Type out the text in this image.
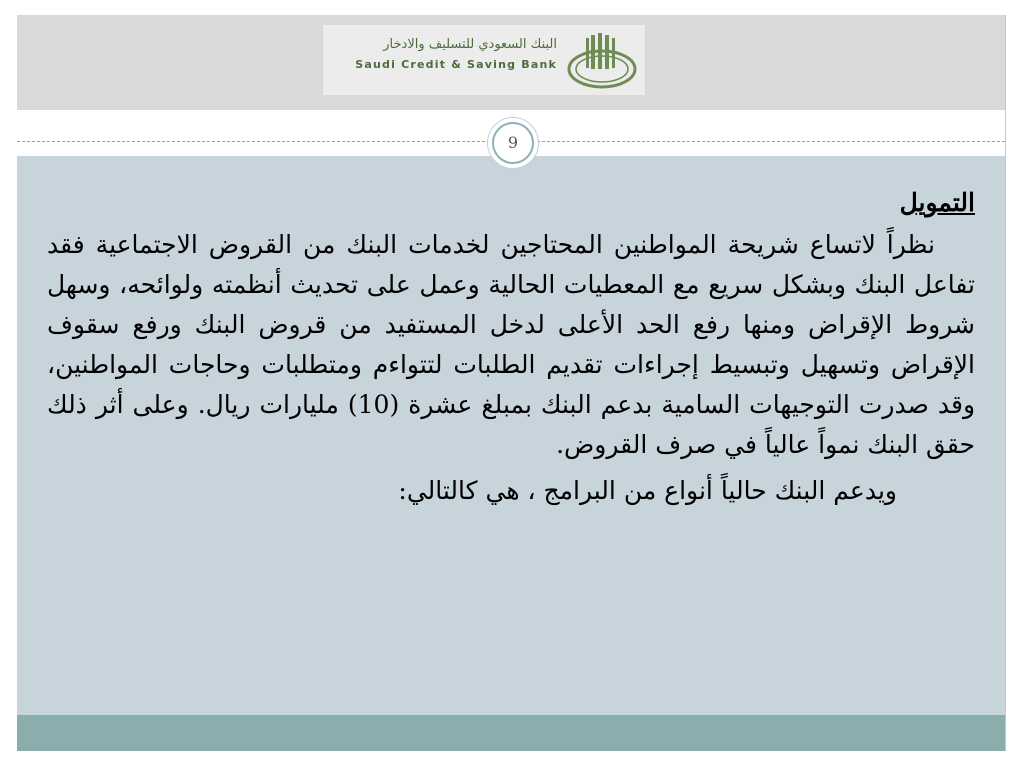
البنك السعودي للتسليف والادخار
Saudi Credit & Saving Bank
9
التمويل

نظراً لاتساع شريحة المواطنين المحتاجين لخدمات البنك من القروض الاجتماعية فقد تفاعل البنك وبشكل سريع مع المعطيات الحالية وعمل على تحديث أنظمته ولوائحه، وسهل شروط الإقراض ومنها رفع الحد الأعلى لدخل المستفيد من قروض البنك ورفع سقوف الإقراض وتسهيل وتبسيط إجراءات تقديم الطلبات لتتواءم ومتطلبات وحاجات المواطنين، وقد صدرت التوجيهات السامية بدعم البنك بمبلغ عشرة (10) مليارات ريال. وعلى أثر ذلك حقق البنك نمواً عالياً في صرف القروض.

ويدعم البنك حالياً أنواع من البرامج ، هي كالتالي:
